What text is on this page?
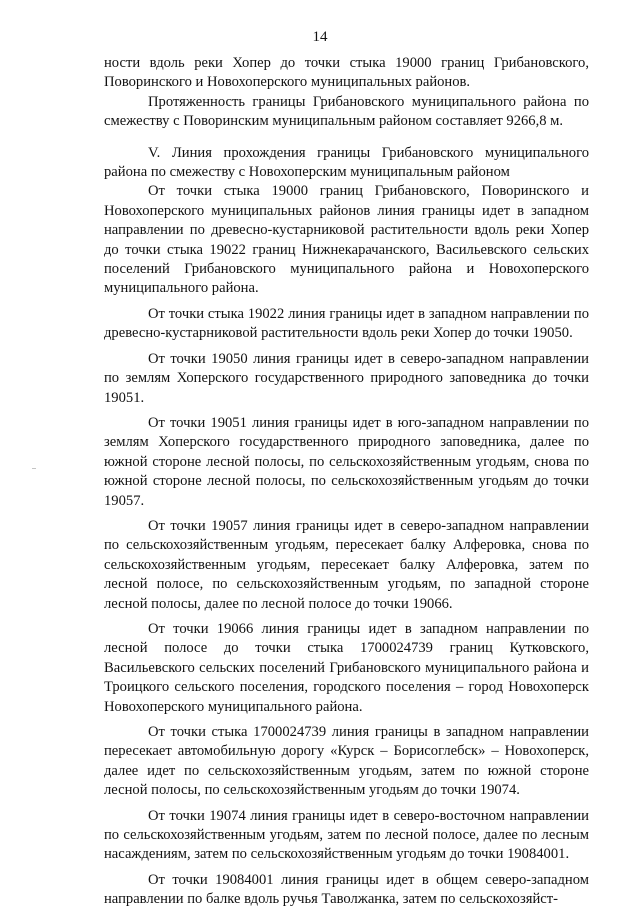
14
..

ности вдоль реки Хопер до точки стыка 19000 границ Грибановского, Поворинского и Новохоперского муниципальных районов.

Протяженность границы Грибановского муниципального района по смежеству с Поворинским муниципальным районом составляет 9266,8 м.

V. Линия прохождения границы Грибановского муниципального района по смежеству с Новохоперским муниципальным районом

От точки стыка 19000 границ Грибановского, Поворинского и Новохоперского муниципальных районов линия границы идет в западном направлении по древесно-кустарниковой растительности вдоль реки Хопер до точки стыка 19022 границ Нижнекарачанского, Васильевского сельских поселений Грибановского муниципального района и Новохоперского муниципального района.

От точки стыка 19022 линия границы идет в западном направлении по древесно-кустарниковой растительности вдоль реки Хопер до точки 19050.

От точки 19050 линия границы идет в северо-западном направлении по землям Хоперского государственного природного заповедника до точки 19051.

От точки 19051 линия границы идет в юго-западном направлении по землям Хоперского государственного природного заповедника, далее по южной стороне лесной полосы, по сельскохозяйственным угодьям, снова по южной стороне лесной полосы, по сельскохозяйственным угодьям до точки 19057.

От точки 19057 линия границы идет в северо-западном направлении по сельскохозяйственным угодьям, пересекает балку Алферовка, снова по сельскохозяйственным угодьям, пересекает балку Алферовка, затем по лесной полосе, по сельскохозяйственным угодьям, по западной стороне лесной полосы, далее по лесной полосе до точки 19066.

От точки 19066 линия границы идет в западном направлении по лесной полосе до точки стыка 1700024739 границ Кутковского, Васильевского сельских поселений Грибановского муниципального района и Троицкого сельского поселения, городского поселения – город Новохоперск Новохоперского муниципального района.

От точки стыка 1700024739 линия границы в западном направлении пересекает автомобильную дорогу «Курск – Борисоглебск» – Новохоперск, далее идет по сельскохозяйственным угодьям, затем по южной стороне лесной полосы, по сельскохозяйственным угодьям до точки 19074.

От точки 19074 линия границы идет в северо-восточном направлении по сельскохозяйственным угодьям, затем по лесной полосе, далее по лесным насаждениям, затем по сельскохозяйственным угодьям до точки 19084001.

От точки 19084001 линия границы идет в общем северо-западном направлении по балке вдоль ручья Таволжанка, затем по сельскохозяйст-
